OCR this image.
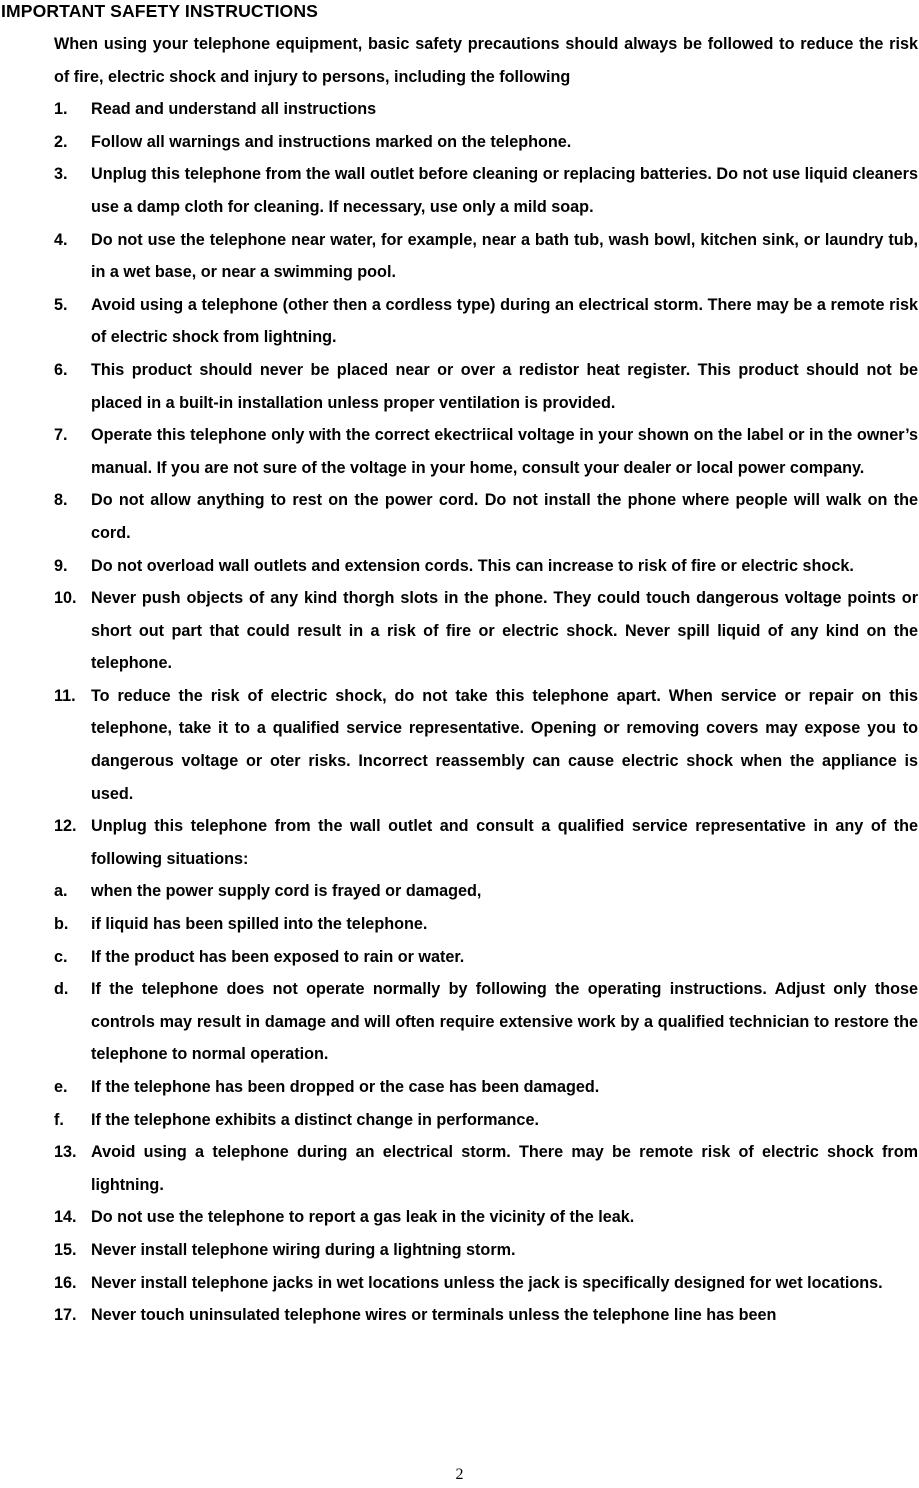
IMPORTANT SAFETY INSTRUCTIONS

When using your telephone equipment, basic safety precautions should always be followed to reduce the risk of fire, electric shock and injury to persons, including the following

1.	Read and understand all instructions
2.	Follow all warnings and instructions marked on the telephone.
3.	Unplug this telephone from the wall outlet before cleaning or replacing batteries. Do not use liquid cleaners use a damp cloth for cleaning. If necessary, use only a mild soap.
4.	Do not use the telephone near water, for example, near a bath tub, wash bowl, kitchen sink, or laundry tub, in a wet base, or near a swimming pool.
5.	Avoid using a telephone (other then a cordless type) during an electrical storm. There may be a remote risk of electric shock from lightning.
6.	This product should never be placed near or over a redistor heat register. This product should not be placed in a built-in installation unless proper ventilation is provided.
7.	Operate this telephone only with the correct ekectriical voltage in your shown on the label or in the owner’s manual. If you are not sure of the voltage in your home, consult your dealer or local power company.
8.	Do not allow anything to rest on the power cord. Do not install the phone where people will walk on the cord.
9.	Do not overload wall outlets and extension cords. This can increase to risk of fire or electric shock.
10. Never push objects of any kind thorgh slots in the phone. They could touch dangerous voltage points or short out part that could result in a risk of fire or electric shock. Never spill liquid of any kind on the telephone.
11. To reduce the risk of electric shock, do not take this telephone apart. When service or repair on this telephone, take it to a qualified service representative. Opening or removing covers may expose you to dangerous voltage or oter risks. Incorrect reassembly can cause electric shock when the appliance is used.
12. Unplug this telephone from the wall outlet and consult a qualified service representative in any of the following situations:
a.	when the power supply cord is frayed or damaged,
b.	if liquid has been spilled into the telephone.
c.	If the product has been exposed to rain or water.
d.	If the telephone does not operate normally by following the operating instructions. Adjust only those controls may result in damage and will often require extensive work by a qualified technician to restore the telephone to normal operation.
e.	If the telephone has been dropped or the case has been damaged.
f.	If the telephone exhibits a distinct change in performance.
13. Avoid using a telephone during an electrical storm. There may be remote risk of electric shock from lightning.
14. Do not use the telephone to report a gas leak in the vicinity of the leak.
15. Never install telephone wiring during a lightning storm.
16. Never install telephone jacks in wet locations unless the jack is specifically designed for wet locations.
17. Never touch uninsulated telephone wires or terminals unless the telephone line has been
2
